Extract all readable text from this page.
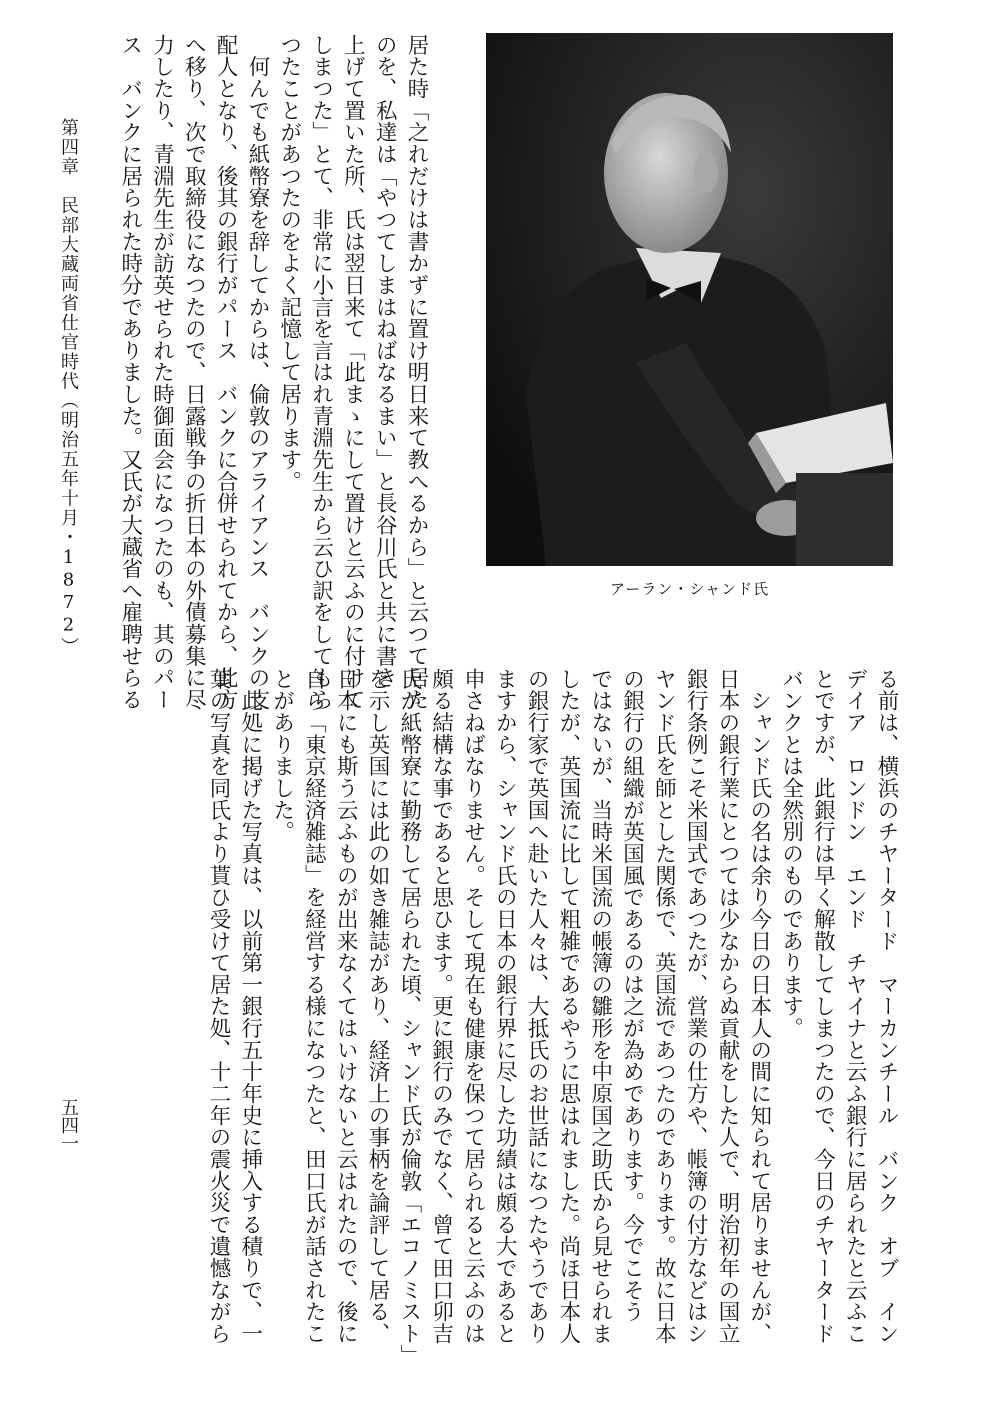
第四章　民部大蔵両省仕官時代（明治五年十月・1872）
五四一
居た時「之れだけは書かずに置け明日来て教へるから」と云つて居た
のを、私達は「やつてしまはねばなるまい」と長谷川氏と共に書き
上げて置いた所、氏は翌日来て「此まゝにして置けと云ふのに付けて
しまつた」とて、非常に小言を言はれ青淵先生から云ひ訳をしてもら
つたことがあつたのをよく記憶して居ります。
　何んでも紙幣寮を辞してからは、倫敦のアライアンス　バンクの支
配人となり、後其の銀行がパース　バンクに合併せられてから、此方
へ移り、次で取締役になつたので、日露戦争の折日本の外債募集に尽
力したり、青淵先生が訪英せられた時御面会になつたのも、其のパー
ス　バンクに居られた時分でありました。又氏が大蔵省へ雇聘せらる	アーラン・シャンド氏
る前は、横浜のチヤータード　マーカンチール　バンク　オブ　イン
デイア　ロンドン　エンド　チヤイナと云ふ銀行に居られたと云ふこ
とですが、此銀行は早く解散してしまつたので、今日のチヤータード
バンクとは全然別のものであります。
　シャンド氏の名は余り今日の日本人の間に知られて居りませんが、
日本の銀行業にとつては少なからぬ貢献をした人で、明治初年の国立
銀行条例こそ米国式であつたが、営業の仕方や、帳簿の付方などはシ
ヤンド氏を師とした関係で、英国流であつたのであります。故に日本
の銀行の組織が英国風であるのは之が為めであります。今でこそう
ではないが、当時米国流の帳簿の雛形を中原国之助氏から見せられま
したが、英国流に比して粗雑であるやうに思はれました。尚ほ日本人
の銀行家で英国へ赴いた人々は、大抵氏のお世話になつたやうであり
ますから、シャンド氏の日本の銀行界に尽した功績は頗る大であると
申さねばなりません。そして現在も健康を保つて居られると云ふのは
頗る結構な事であると思ひます。更に銀行のみでなく、曾て田口卯吉
氏が紙幣寮に勤務して居られた頃、シャンド氏が倫敦「エコノミスト」
を示し英国には此の如き雑誌があり、経済上の事柄を論評して居る、
日本にも斯う云ふものが出来なくてはいけないと云はれたので、後に
自ら「東京経済雑誌」を経営する様になつたと、田口氏が話されたこ
とがありました。
　此処に掲げた写真は、以前第一銀行五十年史に挿入する積りで、一
葉の写真を同氏より貰ひ受けて居た処、十二年の震火災で遺憾ながら
